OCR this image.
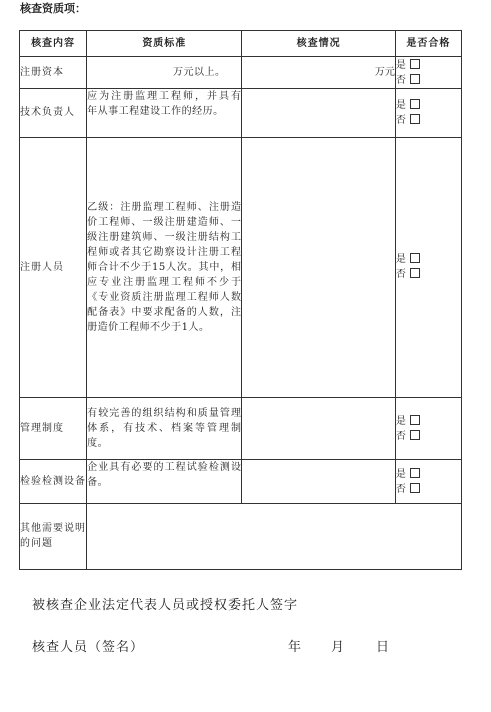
核查资质项：
核查内容	资质标准	核查情况	是否合格
注册资本	万元以上。	万元	是
否

技术负责人	应为注册监理工程师，并具有　　年从事工程建设工作的经历。		是
否

注册人员	乙级：注册监理工程师、注册造价工程师、一级注册建造师、一级注册建筑师、一级注册结构工程师或者其它勘察设计注册工程师合计不少于15人次。其中，相应专业注册监理工程师不少于《专业资质注册监理工程师人数配备表》中要求配备的人数，注册造价工程师不少于1人。		是
否

管理制度	有较完善的组织结构和质量管理体系，有技术、档案等管理制度。		是
否

检验检测设备	企业具有必要的工程试验检测设备。		是
否

其他需要说明的问题			
被核查企业法定代表人员或授权委托人签字
核查人员（签名）	年 月 日
